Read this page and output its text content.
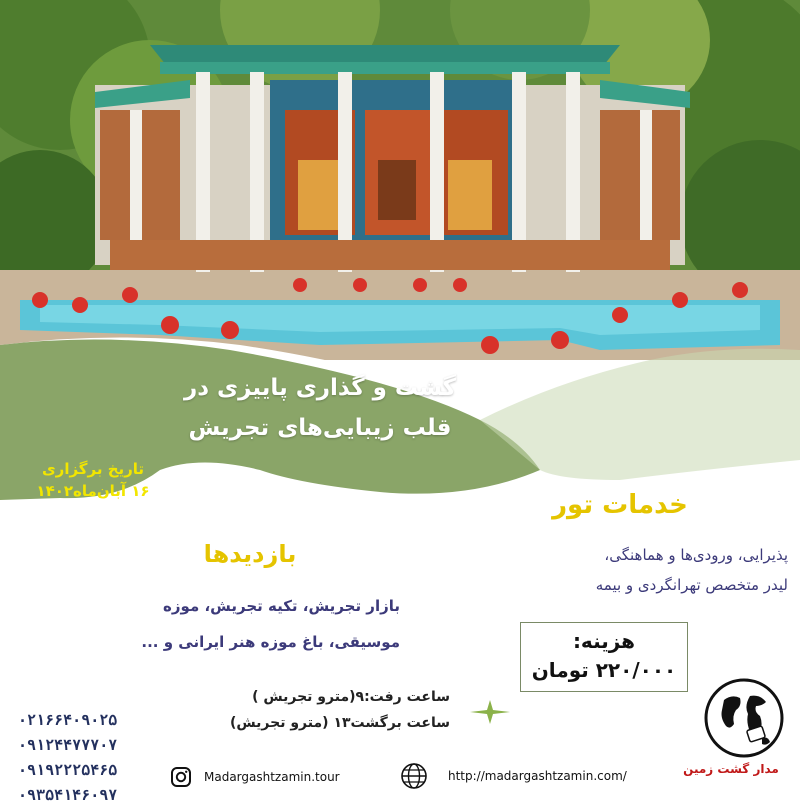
گشت و گذاری پاییزی در
قلب زیبایی‌های تجریش
تاریخ برگزاری
۱۶ آبان‌ماه۱۴۰۲	خدمات تور
پذیرایی، ورودی‌ها و هماهنگی،
لیدر متخصص تهرانگردی و بیمه
بازدیدها
بازار تجریش، تکیه تجریش، موزه
موسیقی، باغ موزه هنر ایرانی و ...	هزینه:
۲۲۰/۰۰۰ تومان
ساعت رفت:۹(مترو تجریش )
ساعت برگشت۱۳ (مترو تجریش)
۰۲۱۶۶۴۰۹۰۲۵
۰۹۱۲۴۴۷۷۷۰۷
۰۹۱۹۲۲۲۵۴۶۵
۰۹۳۵۴۱۴۶۰۹۷
Madargashtzamin.tour	http://madargashtzamin.com/	مدار گشت زمین
